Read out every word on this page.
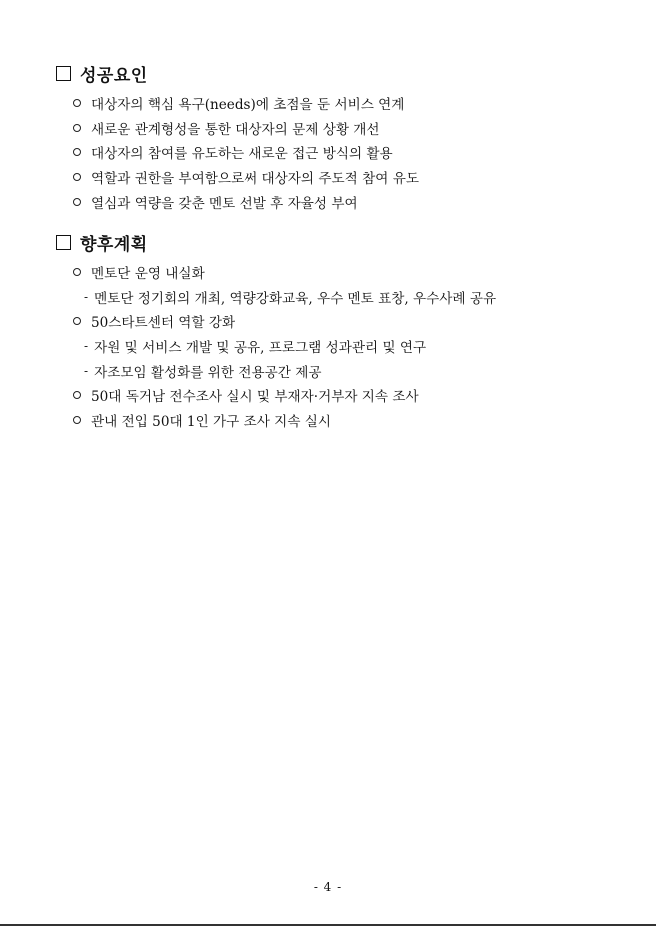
성공요인
대상자의 핵심 욕구(needs)에 초점을 둔 서비스 연계
새로운 관계형성을 통한 대상자의 문제 상황 개선
대상자의 참여를 유도하는 새로운 접근 방식의 활용
역할과 권한을 부여함으로써 대상자의 주도적 참여 유도
열심과 역량을 갖춘 멘토 선발 후 자율성 부여
향후계획
멘토단 운영 내실화
- 멘토단 정기회의 개최, 역량강화교육, 우수 멘토 표창, 우수사례 공유
50스타트센터 역할 강화
- 자원 및 서비스 개발 및 공유, 프로그램 성과관리 및 연구
- 자조모임 활성화를 위한 전용공간 제공
50대 독거남 전수조사 실시 및 부재자·거부자 지속 조사
관내 전입 50대 1인 가구 조사 지속 실시
- 4 -
